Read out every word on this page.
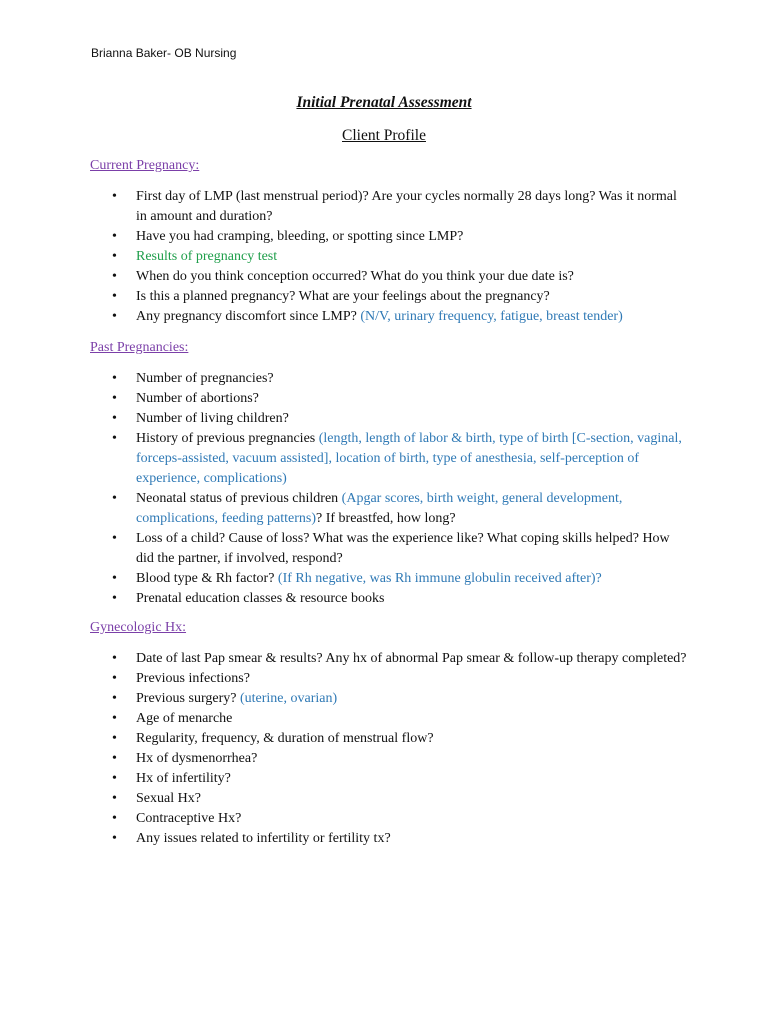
Brianna Baker- OB Nursing
Initial Prenatal Assessment
Client Profile

Current Pregnancy:

• First day of LMP (last menstrual period)? Are your cycles normally 28 days long? Was it normal in amount and duration?
• Have you had cramping, bleeding, or spotting since LMP?
• Results of pregnancy test
• When do you think conception occurred? What do you think your due date is?
• Is this a planned pregnancy? What are your feelings about the pregnancy?
• Any pregnancy discomfort since LMP? (N/V, urinary frequency, fatigue, breast tender)

Past Pregnancies:

• Number of pregnancies?
• Number of abortions?
• Number of living children?
• History of previous pregnancies (length, length of labor & birth, type of birth [C-section, vaginal, forceps-assisted, vacuum assisted], location of birth, type of anesthesia, self-perception of experience, complications)
• Neonatal status of previous children (Apgar scores, birth weight, general development, complications, feeding patterns)? If breastfed, how long?
• Loss of a child? Cause of loss? What was the experience like? What coping skills helped? How did the partner, if involved, respond?
• Blood type & Rh factor? (If Rh negative, was Rh immune globulin received after)?
• Prenatal education classes & resource books

Gynecologic Hx:

• Date of last Pap smear & results? Any hx of abnormal Pap smear & follow-up therapy completed?
• Previous infections?
• Previous surgery? (uterine, ovarian)
• Age of menarche
• Regularity, frequency, & duration of menstrual flow?
• Hx of dysmenorrhea?
• Hx of infertility?
• Sexual Hx?
• Contraceptive Hx?
• Any issues related to infertility or fertility tx?
